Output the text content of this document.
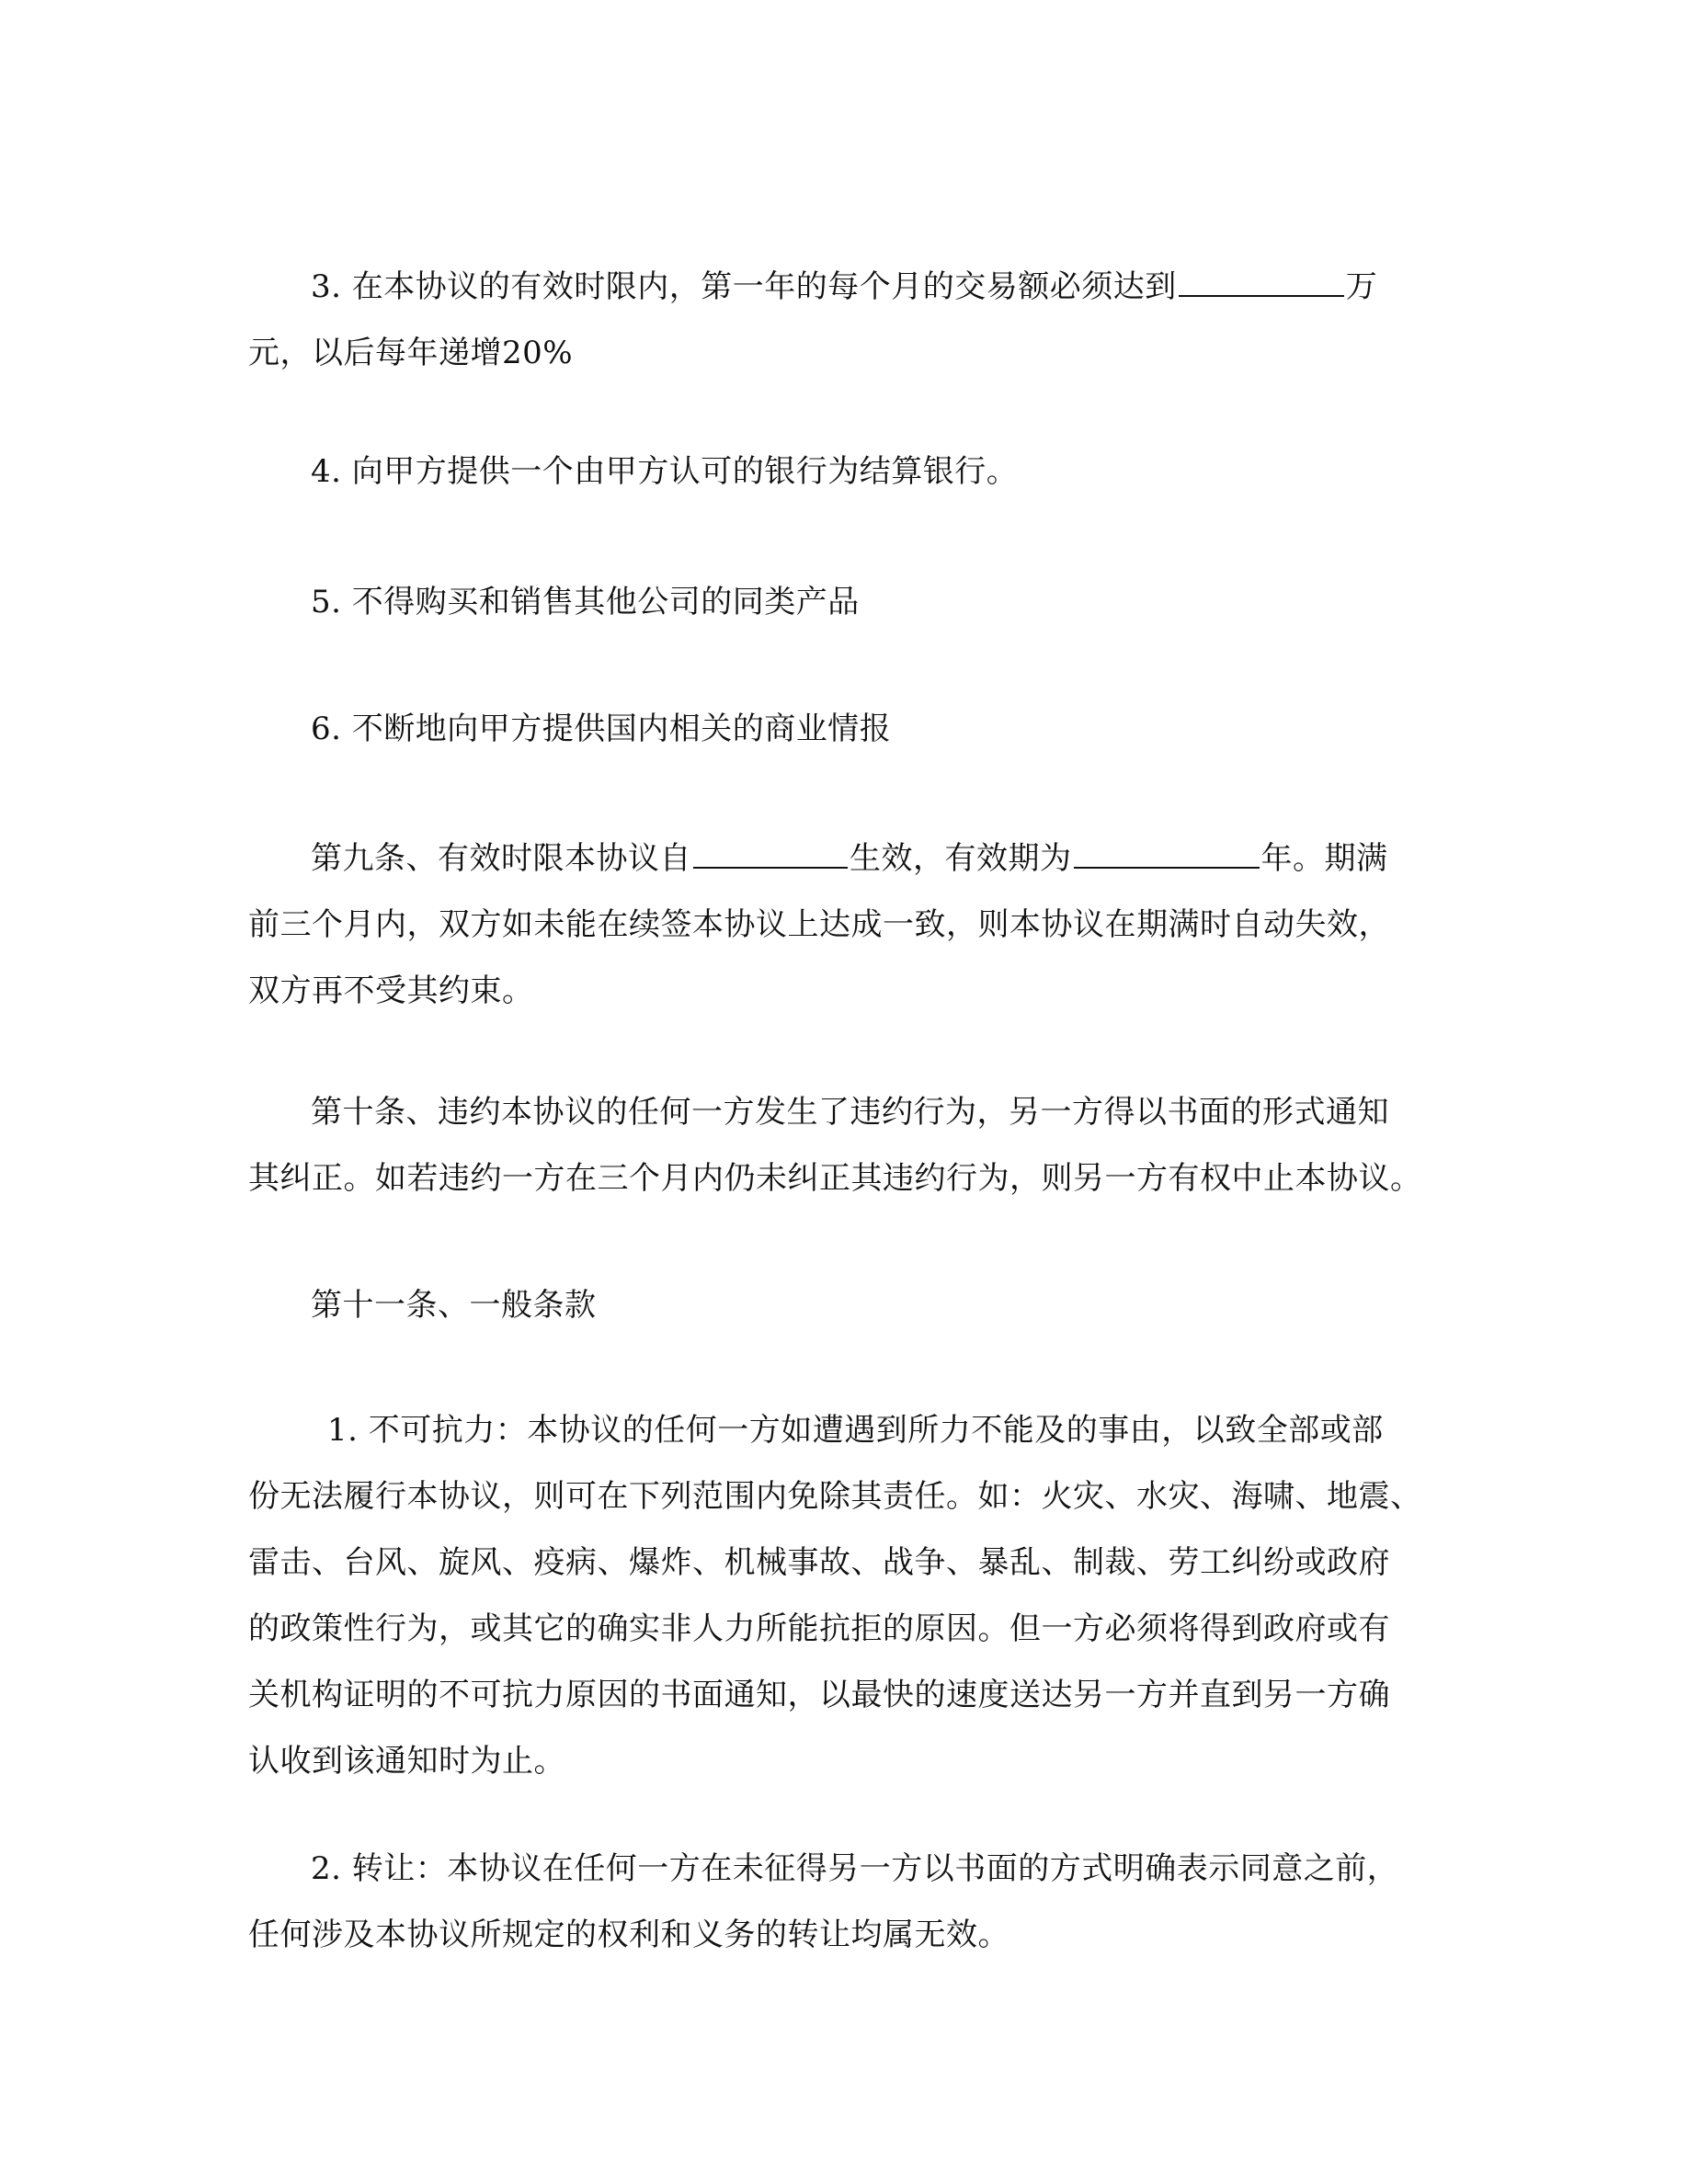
3. 在本协议的有效时限内，第一年的每个月的交易额必须达到	万
元，以后每年递增20%
4. 向甲方提供一个由甲方认可的银行为结算银行。
5. 不得购买和销售其他公司的同类产品
6. 不断地向甲方提供国内相关的商业情报
第九条、有效时限本协议自	生效，有效期为	年。期满
前三个月内，双方如未能在续签本协议上达成一致，则本协议在期满时自动失效，
双方再不受其约束。
第十条、违约本协议的任何一方发生了违约行为，另一方得以书面的形式通知
其纠正。如若违约一方在三个月内仍未纠正其违约行为，则另一方有权中止本协议。
第十一条、一般条款
1. 不可抗力：本协议的任何一方如遭遇到所力不能及的事由，以致全部或部
份无法履行本协议，则可在下列范围内免除其责任。如：火灾、水灾、海啸、地震、
雷击、台风、旋风、疫病、爆炸、机械事故、战争、暴乱、制裁、劳工纠纷或政府
的政策性行为，或其它的确实非人力所能抗拒的原因。但一方必须将得到政府或有
关机构证明的不可抗力原因的书面通知，以最快的速度送达另一方并直到另一方确
认收到该通知时为止。
2. 转让：本协议在任何一方在未征得另一方以书面的方式明确表示同意之前，
任何涉及本协议所规定的权利和义务的转让均属无效。
